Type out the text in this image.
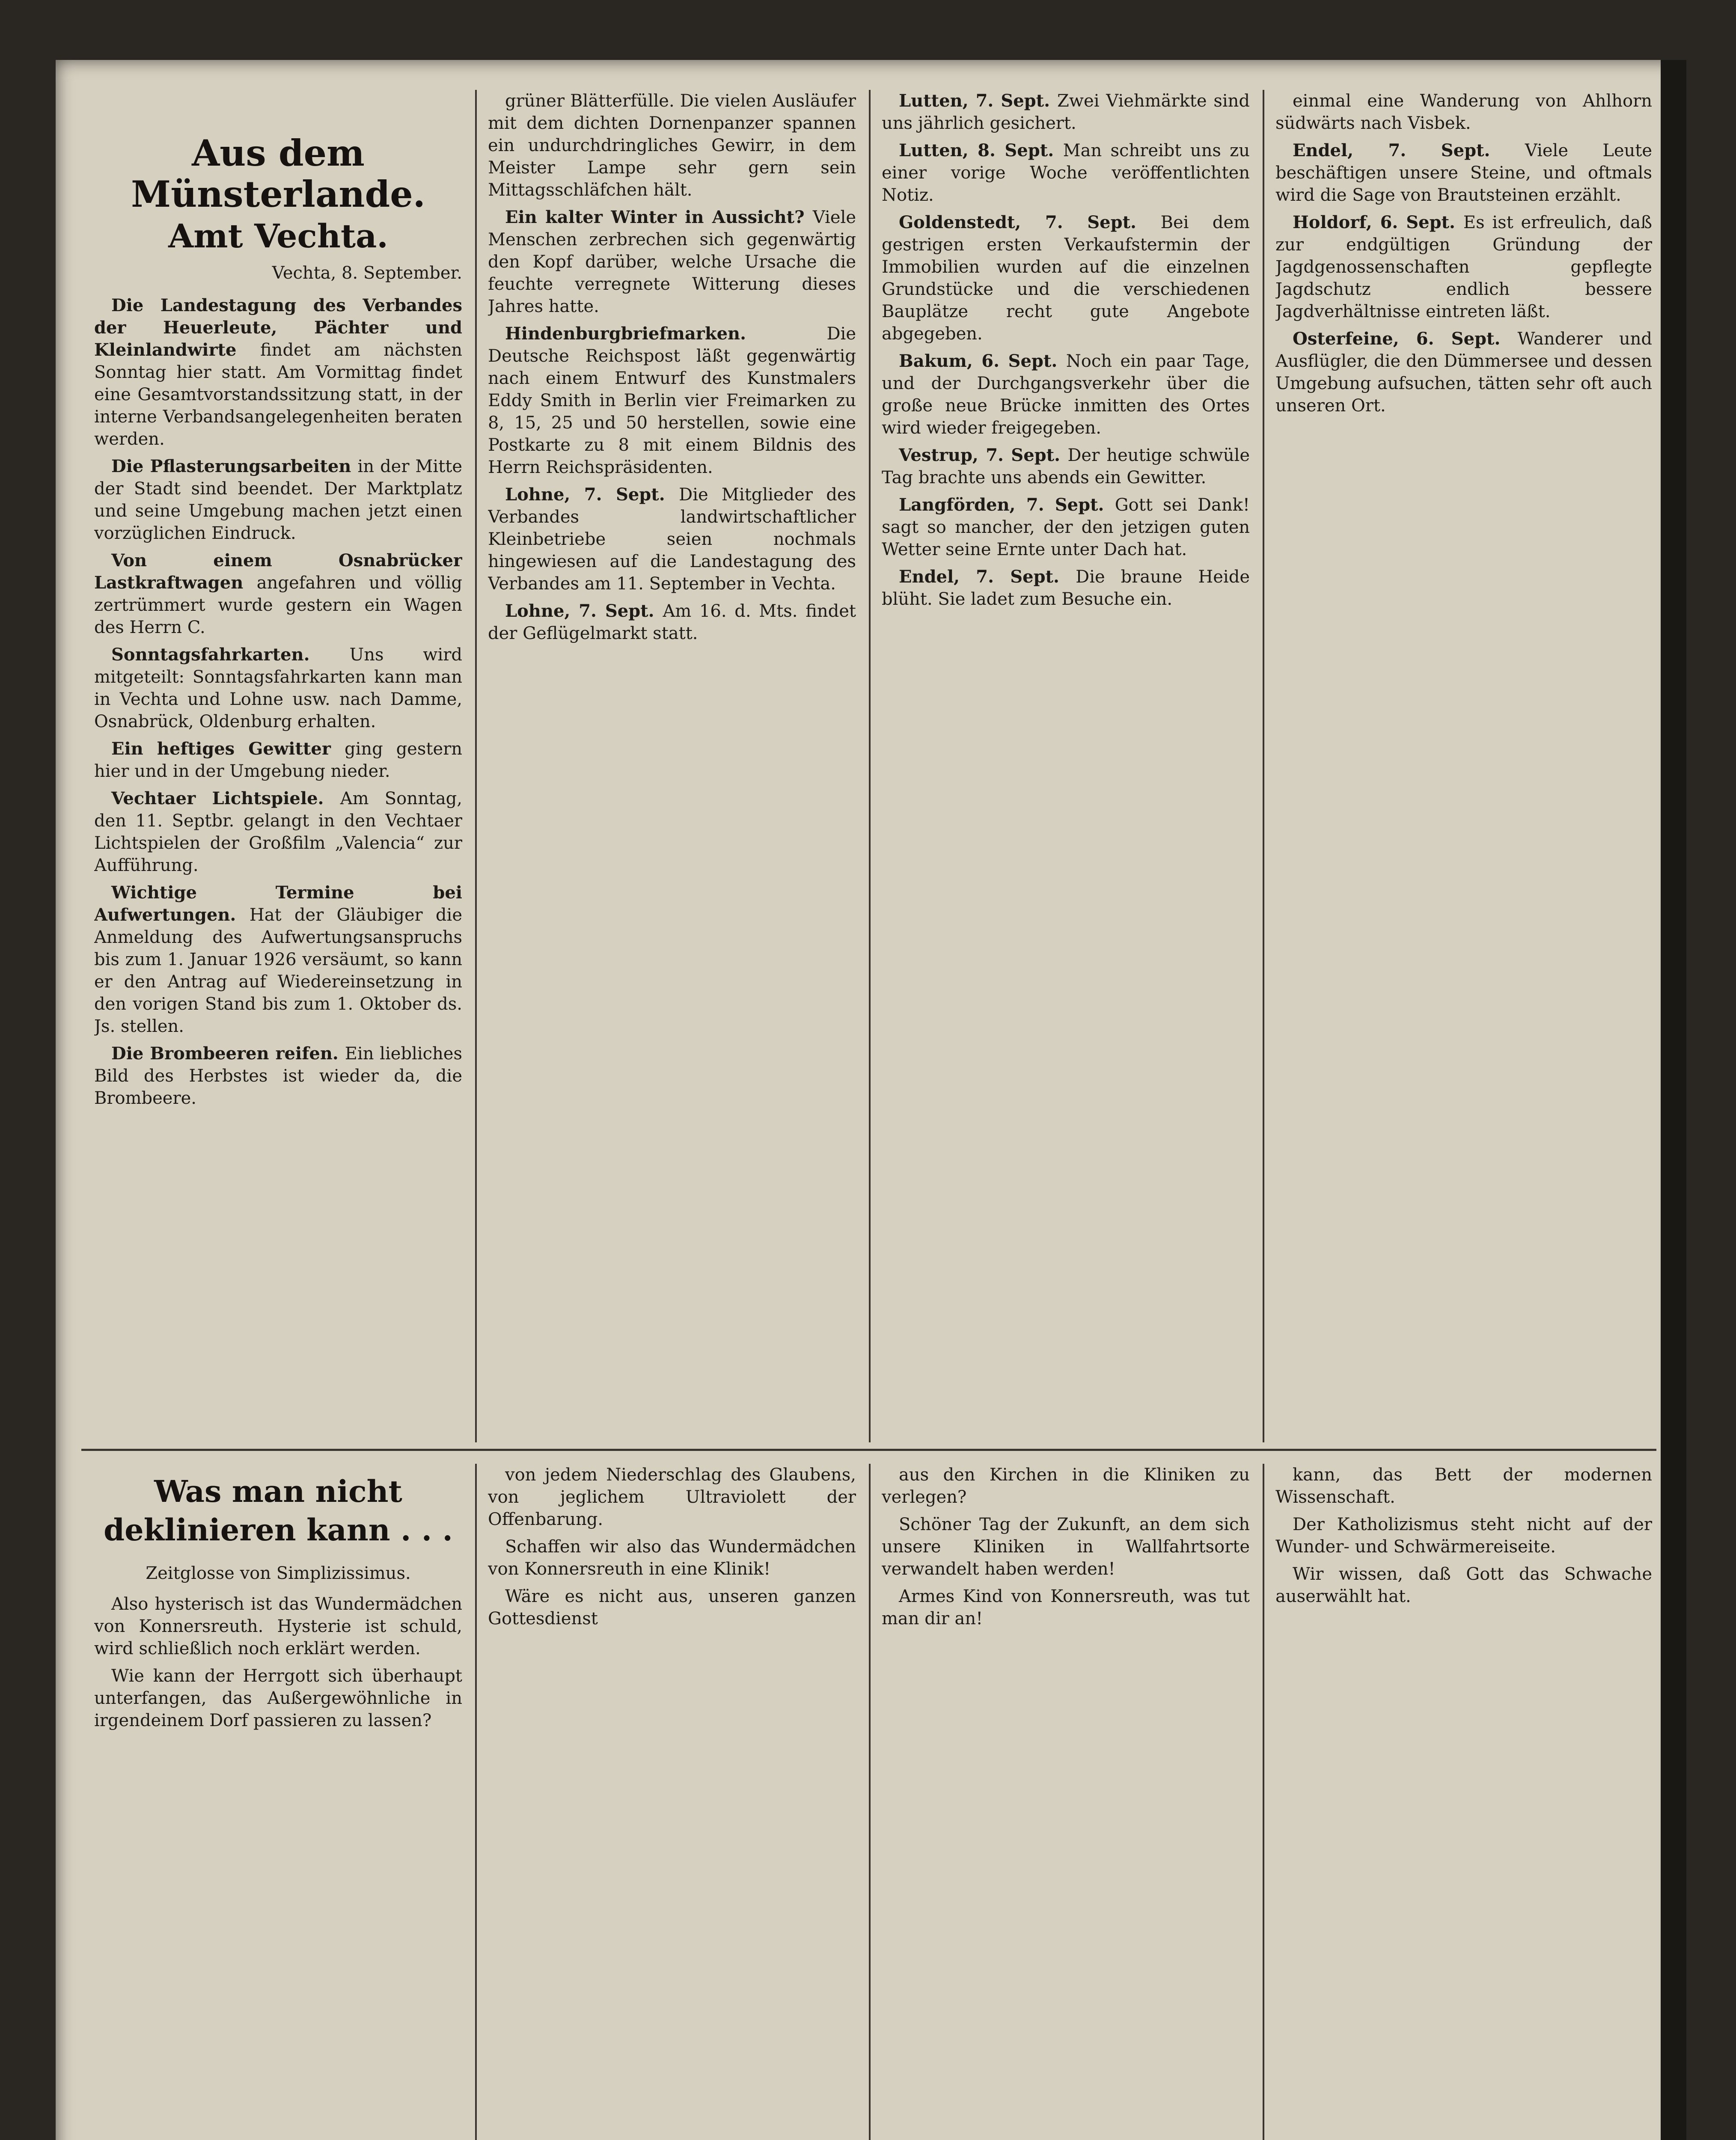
Aus dem Münsterlande.
Amt Vechta.
Vechta, 8. September.

Die Landestagung des Verbandes der Heuerleute, Pächter und Kleinlandwirte findet am nächsten Sonntag hier statt. Am Vormittag findet eine Gesamtvorstandssitzung statt, in der interne Verbandsangelegenheiten beraten werden.

Die Pflasterungsarbeiten in der Mitte der Stadt sind beendet. Der Marktplatz und seine Umgebung machen jetzt einen vorzüglichen Eindruck.

Von einem Osnabrücker Lastkraftwagen angefahren und völlig zertrümmert wurde gestern ein Wagen des Herrn C.

Sonntagsfahrkarten. Uns wird mitgeteilt: Sonntagsfahrkarten kann man in Vechta und Lohne usw. nach Damme, Osnabrück, Oldenburg erhalten.

Ein heftiges Gewitter ging gestern hier und in der Umgebung nieder.

Vechtaer Lichtspiele. Am Sonntag, den 11. Septbr. gelangt in den Vechtaer Lichtspielen der Großfilm „Valencia“ zur Aufführung.

Wichtige Termine bei Aufwertungen. Hat der Gläubiger die Anmeldung des Aufwertungsanspruchs bis zum 1. Januar 1926 versäumt, so kann er den Antrag auf Wiedereinsetzung in den vorigen Stand bis zum 1. Oktober ds. Js. stellen.

Die Brombeeren reifen. Ein liebliches Bild des Herbstes ist wieder da, die Brombeere.

grüner Blätterfülle. Die vielen Ausläufer mit dem dichten Dornenpanzer spannen ein undurchdringliches Gewirr, in dem Meister Lampe sehr gern sein Mittagsschläfchen hält.

Ein kalter Winter in Aussicht? Viele Menschen zerbrechen sich gegenwärtig den Kopf darüber, welche Ursache die feuchte verregnete Witterung dieses Jahres hatte.

Hindenburgbriefmarken. Die Deutsche Reichspost läßt gegenwärtig nach einem Entwurf des Kunstmalers Eddy Smith in Berlin vier Freimarken zu 8, 15, 25 und 50 herstellen, sowie eine Postkarte zu 8 mit einem Bildnis des Herrn Reichspräsidenten.

Lohne, 7. Sept. Die Mitglieder des Verbandes landwirtschaftlicher Kleinbetriebe seien nochmals hingewiesen auf die Landestagung des Verbandes am 11. September in Vechta.

Lohne, 7. Sept. Am 16. d. Mts. findet der Geflügelmarkt statt.

Lutten, 7. Sept. Zwei Viehmärkte sind uns jährlich gesichert.

Lutten, 8. Sept. Man schreibt uns zu einer vorige Woche veröffentlichten Notiz.

Goldenstedt, 7. Sept. Bei dem gestrigen ersten Verkaufstermin der Immobilien wurden auf die einzelnen Grundstücke und die verschiedenen Bauplätze recht gute Angebote abgegeben.

Bakum, 6. Sept. Noch ein paar Tage, und der Durchgangsverkehr über die große neue Brücke inmitten des Ortes wird wieder freigegeben.

Vestrup, 7. Sept. Der heutige schwüle Tag brachte uns abends ein Gewitter.

Langförden, 7. Sept. Gott sei Dank! sagt so mancher, der den jetzigen guten Wetter seine Ernte unter Dach hat.

Endel, 7. Sept. Die braune Heide blüht. Sie ladet zum Besuche ein.

einmal eine Wanderung von Ahlhorn südwärts nach Visbek.

Endel, 7. Sept. Viele Leute beschäftigen unsere Steine, und oftmals wird die Sage von Brautsteinen erzählt.

Holdorf, 6. Sept. Es ist erfreulich, daß zur endgültigen Gründung der Jagdgenossenschaften gepflegte Jagdschutz endlich bessere Jagdverhältnisse eintreten läßt.

Osterfeine, 6. Sept. Wanderer und Ausflügler, die den Dümmersee und dessen Umgebung aufsuchen, tätten sehr oft auch unseren Ort.

Was man nicht deklinieren kann . . .
Zeitglosse von Simplizissimus.

Also hysterisch ist das Wundermädchen von Konnersreuth. Hysterie ist schuld, wird schließlich noch erklärt werden.

Wie kann der Herrgott sich überhaupt unterfangen, das Außergewöhnliche in irgendeinem Dorf passieren zu lassen?

von jedem Niederschlag des Glaubens, von jeglichem Ultraviolett der Offenbarung.

Schaffen wir also das Wundermädchen von Konnersreuth in eine Klinik!

Wäre es nicht aus, unseren ganzen Gottesdienst

aus den Kirchen in die Kliniken zu verlegen?

Schöner Tag der Zukunft, an dem sich unsere Kliniken in Wallfahrtsorte verwandelt haben werden!

Armes Kind von Konnersreuth, was tut man dir an!

kann, das Bett der modernen Wissenschaft.

Der Katholizismus steht nicht auf der Wunder- und Schwärmereiseite.

Wir wissen, daß Gott das Schwache auserwählt hat.
